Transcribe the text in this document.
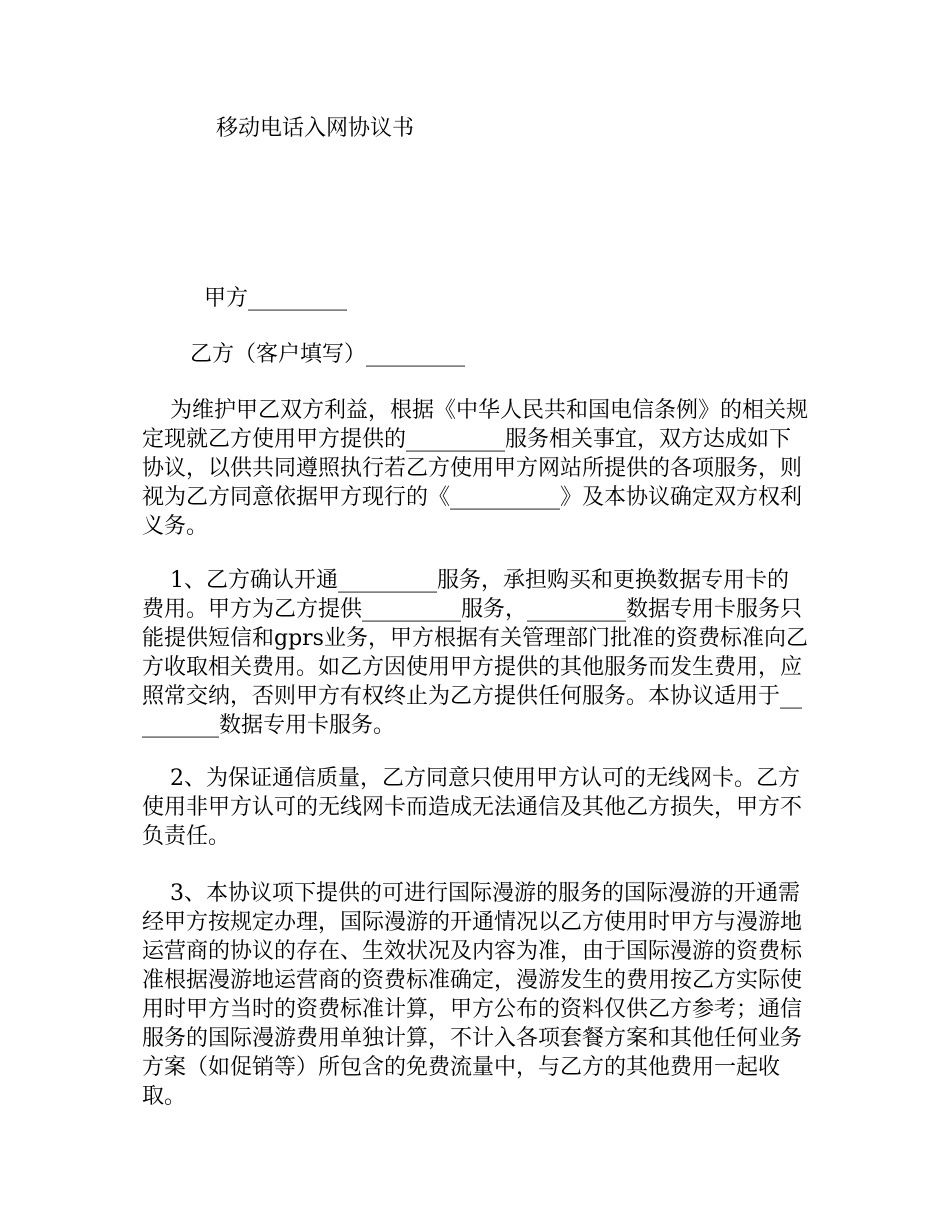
移动电话入网协议书

甲方_________

乙方（客户填写）_________

为维护甲乙双方利益，根据《中华人民共和国电信条例》的相关规定现就乙方使用甲方提供的_________服务相关事宜，双方达成如下协议，以供共同遵照执行若乙方使用甲方网站所提供的各项服务，则视为乙方同意依据甲方现行的《__________》及本协议确定双方权利义务。

1、乙方确认开通_________服务，承担购买和更换数据专用卡的费用。甲方为乙方提供_________服务，_________数据专用卡服务只能提供短信和gprs业务，甲方根据有关管理部门批准的资费标准向乙方收取相关费用。如乙方因使用甲方提供的其他服务而发生费用，应照常交纳，否则甲方有权终止为乙方提供任何服务。本协议适用于_________数据专用卡服务。

2、为保证通信质量，乙方同意只使用甲方认可的无线网卡。乙方使用非甲方认可的无线网卡而造成无法通信及其他乙方损失，甲方不负责任。

3、本协议项下提供的可进行国际漫游的服务的国际漫游的开通需经甲方按规定办理，国际漫游的开通情况以乙方使用时甲方与漫游地运营商的协议的存在、生效状况及内容为准，由于国际漫游的资费标准根据漫游地运营商的资费标准确定，漫游发生的费用按乙方实际使用时甲方当时的资费标准计算，甲方公布的资料仅供乙方参考；通信服务的国际漫游费用单独计算，不计入各项套餐方案和其他任何业务方案（如促销等）所包含的免费流量中，与乙方的其他费用一起收取。
